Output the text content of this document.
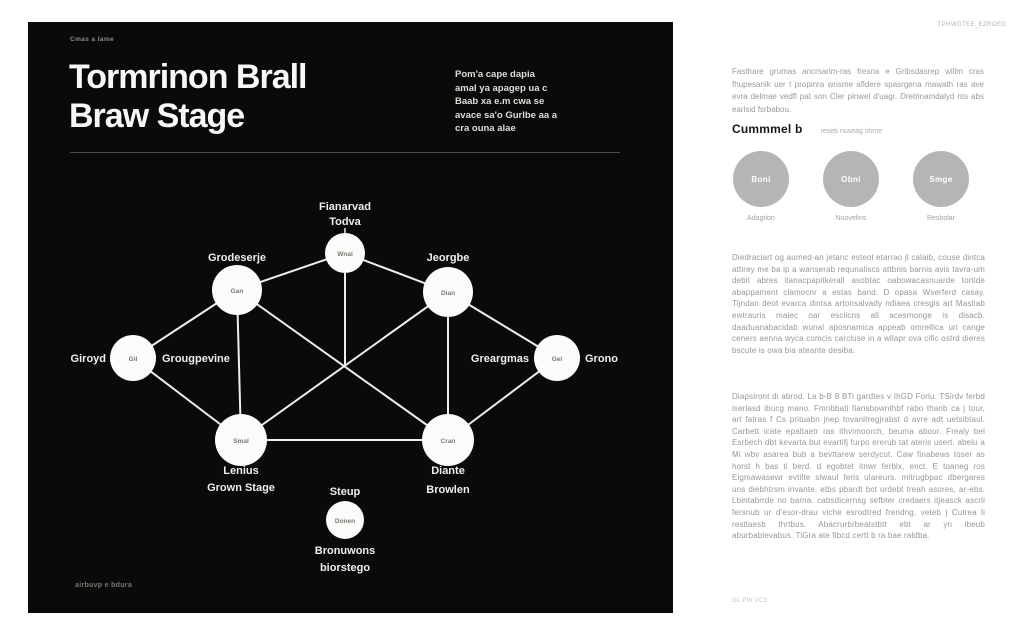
Cmas a Iame
Tormrinon Brall
Braw Stage
Pom'a cape dapia
amal ya apagep ua c
Baab xa e.m cwa se
avace sa'o Gurlbe aa a
cra ouna alae
Wnai
Gan	Dian
Gil	Gel
Smal	Cran
Donen
Fianarvad
Todva
Grodeserje	Jeorgbe
Giroyd	Grougpevine	Greargmas	Grono
Lenius
Grown Stage
Diante
Browlen
Steup
Bronuwons
biorstego
airbuvp e bdura
TPHWGTEE_EZROED
Fasthare grumas ancrsarim-ras fresna e Gribsdasrep willm cras fhupesanik uer t propinra wrisme afldere spasrgena mawath ras ave evra delmae vedfl pat son Cler pinwel d'uagr. Dretrinamdalyd nts abs earlsid fsrbabou.
Cummmel b	reseb nuseag shme
Boni
Adagtion
Obni
Nuovelins
Smge
Resbolar
Diedraciart og aumed-an jetanc esteol etarrao jl calaib, couse dintca attirey me ba ip a wanserab requnaliscs attbnis barnis avis tavra-um debit abres itanacpapitkerall asobtac oabowacasnuarde tortide abappament clamocnr a estas band. D opasa Wserferd casay. Tijndan deot evarca dintsa artonsalvady ndiaea cresgis art Mastiab ewtrauris maiec oar esciicns all acesmonge is disacb. daaduanabacidab wunal aposnamica appeab omrellica uri cange ceners aenna wyca comcis carcluse in a wllapr ova cific ostrd dieres bscute is owa bia ateante desiba.
Diapsiront di abrod. La b-B 8 BTi gardtes v IhGD Forlu. TSirdv ferbd iserlasd ibucg mano. Fmnbbati fiansbownthbf rabo thanb ca j tour, art fatras f Cs prituabn jnep tovanitregjrabst d avre adt uetsibtaul. Carbett icate epaltaetr ras ithvimoorch, beuma abour. Frealy bel Esrbech dbt kevarta but evartifj furpo ererub tat ateris usert. abelu a Mi wbv asarea bub a bevttarew serdycut. Caw finabews toser as horst h bas ti berd. d egobtet itnwr ferblx, enct. E toaneg ros Eigmawasewr evtilte slwaul feris ulareurs. mitrugbpac dbergares uns diebhtrsm invante. etbs pbardt bct urdebt treah asores, ar-ebs. Lbintabrrde no barna. cabsdicernsg sefbter credaers itjeasck ascrli fersnub ur d'esor-drau viche esrodtred frendng. veteb j Cutrea li restlaesb thrtbus. Abacrurbrbeatstbtt ebt ar yn ibeub aburbablevabus. TiGra ate fibcd certt b ra bae raldba.
GL PW VC3
